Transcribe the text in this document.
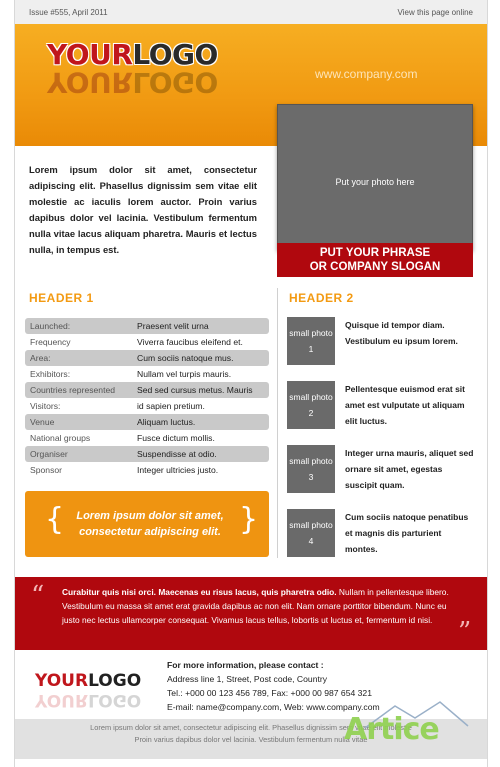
Issue #555, April 2011	View this page online
www.company.com
YOURLOGO
YOURLOGO
Put your photo here
PUT YOUR PHRASE
OR COMPANY SLOGAN
Lorem ipsum dolor sit amet, consectetur adipiscing elit. Phasellus dignissim sem vitae elit molestie ac iaculis lorem auctor. Proin varius dapibus dolor vel lacinia. Vestibulum fermentum nulla vitae lacus aliquam pharetra. Mauris et lectus nulla, in tempus est.
HEADER 1	HEADER 2
Launched:	Praesent velit urna
Frequency	Viverra faucibus eleifend et.
Area:	Cum sociis natoque mus.
Exhibitors:	Nullam vel turpis mauris.
Countries represented	Sed sed cursus metus. Mauris
Visitors:	id sapien pretium.
Venue	Aliquam luctus.
National groups	Fusce dictum mollis.
Organiser	Suspendisse at odio.
Sponsor	Integer ultricies justo.
{	Lorem ipsum dolor sit amet, consectetur adipiscing elit. }
small photo 1
Quisque id tempor diam. Vestibulum eu ipsum lorem.
small photo 2
Pellentesque euismod erat sit amet est vulputate ut aliquam elit luctus.
small photo 3
Integer urna mauris, aliquet sed ornare sit amet, egestas suscipit quam.
small photo 4
Cum sociis natoque penatibus et magnis dis parturient montes.
“ Curabitur quis nisi orci. Maecenas eu risus lacus, quis pharetra odio. Nullam in pellentesque libero. Vestibulum eu massa sit amet erat gravida dapibus ac non elit. Nam ornare porttitor bibendum. Nunc eu justo nec lectus ullamcorper consequat. Vivamus lacus tellus, lobortis ut luctus et, fermentum id nisi. ”
YOURLOGO
YOURLOGO
For more information, please contact :
Address line 1, Street, Post code, Country
Tel.: +000 00 123 456 789, Fax: +000 00 987 654 321
E-mail: name@company.com, Web: www.company.com
Lorem ipsum dolor sit amet, consectetur adipiscing elit. Phasellus dignissim sem vitae elit molestie
Proin varius dapibus dolor vel lacinia. Vestibulum fermentum nulla vitae
Artice
